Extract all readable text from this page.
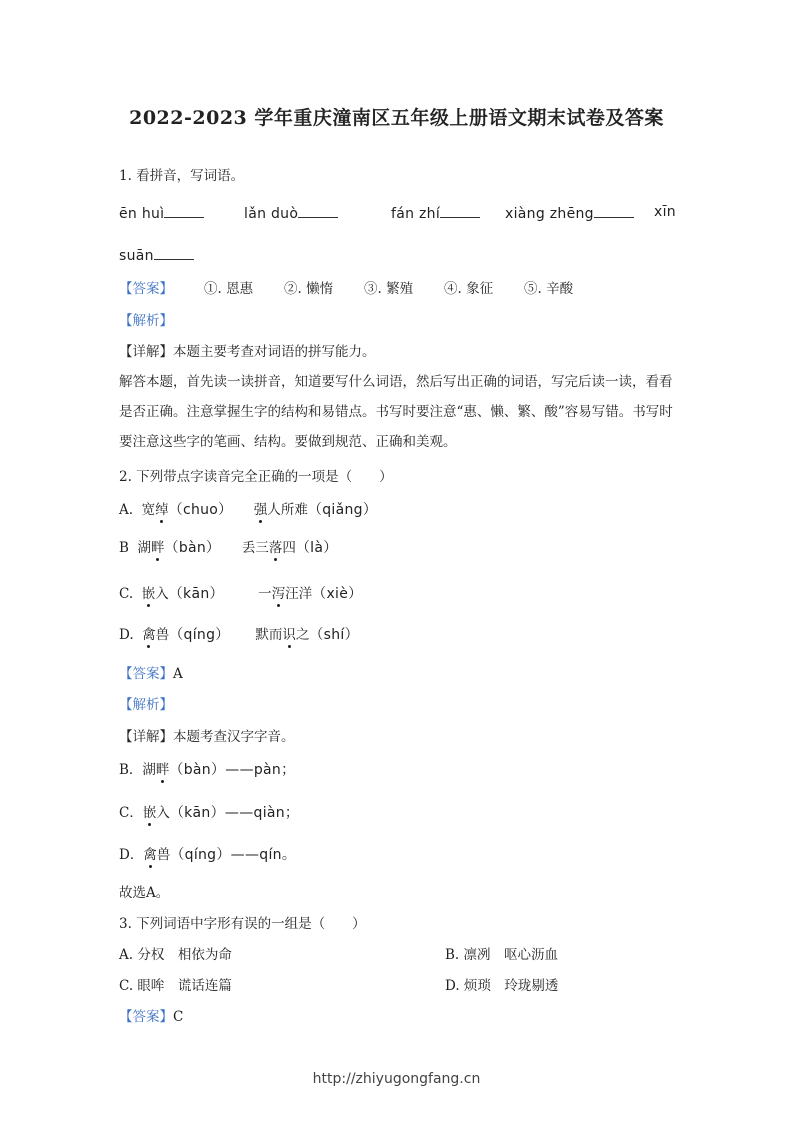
2022-2023 学年重庆潼南区五年级上册语文期末试卷及答案
1. 看拼音，写词语。
ēn huì	lǎn duò	fán zhí	xiàng zhēng	xīn
suān
【答案】 ①. 恩惠 ②. 懒惰 ③. 繁殖 ④. 象征 ⑤. 辛酸
【解析】
【详解】本题主要考查对词语的拼写能力。
解答本题，首先读一读拼音，知道要写什么词语，然后写出正确的词语，写完后读一读，看看是否正确。注意掌握生字的结构和易错点。书写时要注意“惠、懒、繁、酸”容易写错。书写时要注意这些字的笔画、结构。要做到规范、正确和美观。
2. 下列带点字读音完全正确的一项是（　　）
A. 宽绰（chuo） 强人所难（qiǎng）
B 湖畔（bàn） 丢三落四（là）
C. 嵌入（kān）	一泻汪洋（xiè）
D. 禽兽（qíng） 默而识之（shí）
【答案】A
【解析】
【详解】本题考查汉字字音。
B．湖畔（bàn）——pàn；
C．嵌入（kān）——qiàn；
D．禽兽（qíng）——qín。
故选A。
3. 下列词语中字形有误的一组是（　　）
A. 分权　相依为命	B. 凛冽　呕心沥血
C. 眼哞　谎话连篇	D. 烦琐　玲珑剔透
【答案】C
http://zhiyugongfang.cn
